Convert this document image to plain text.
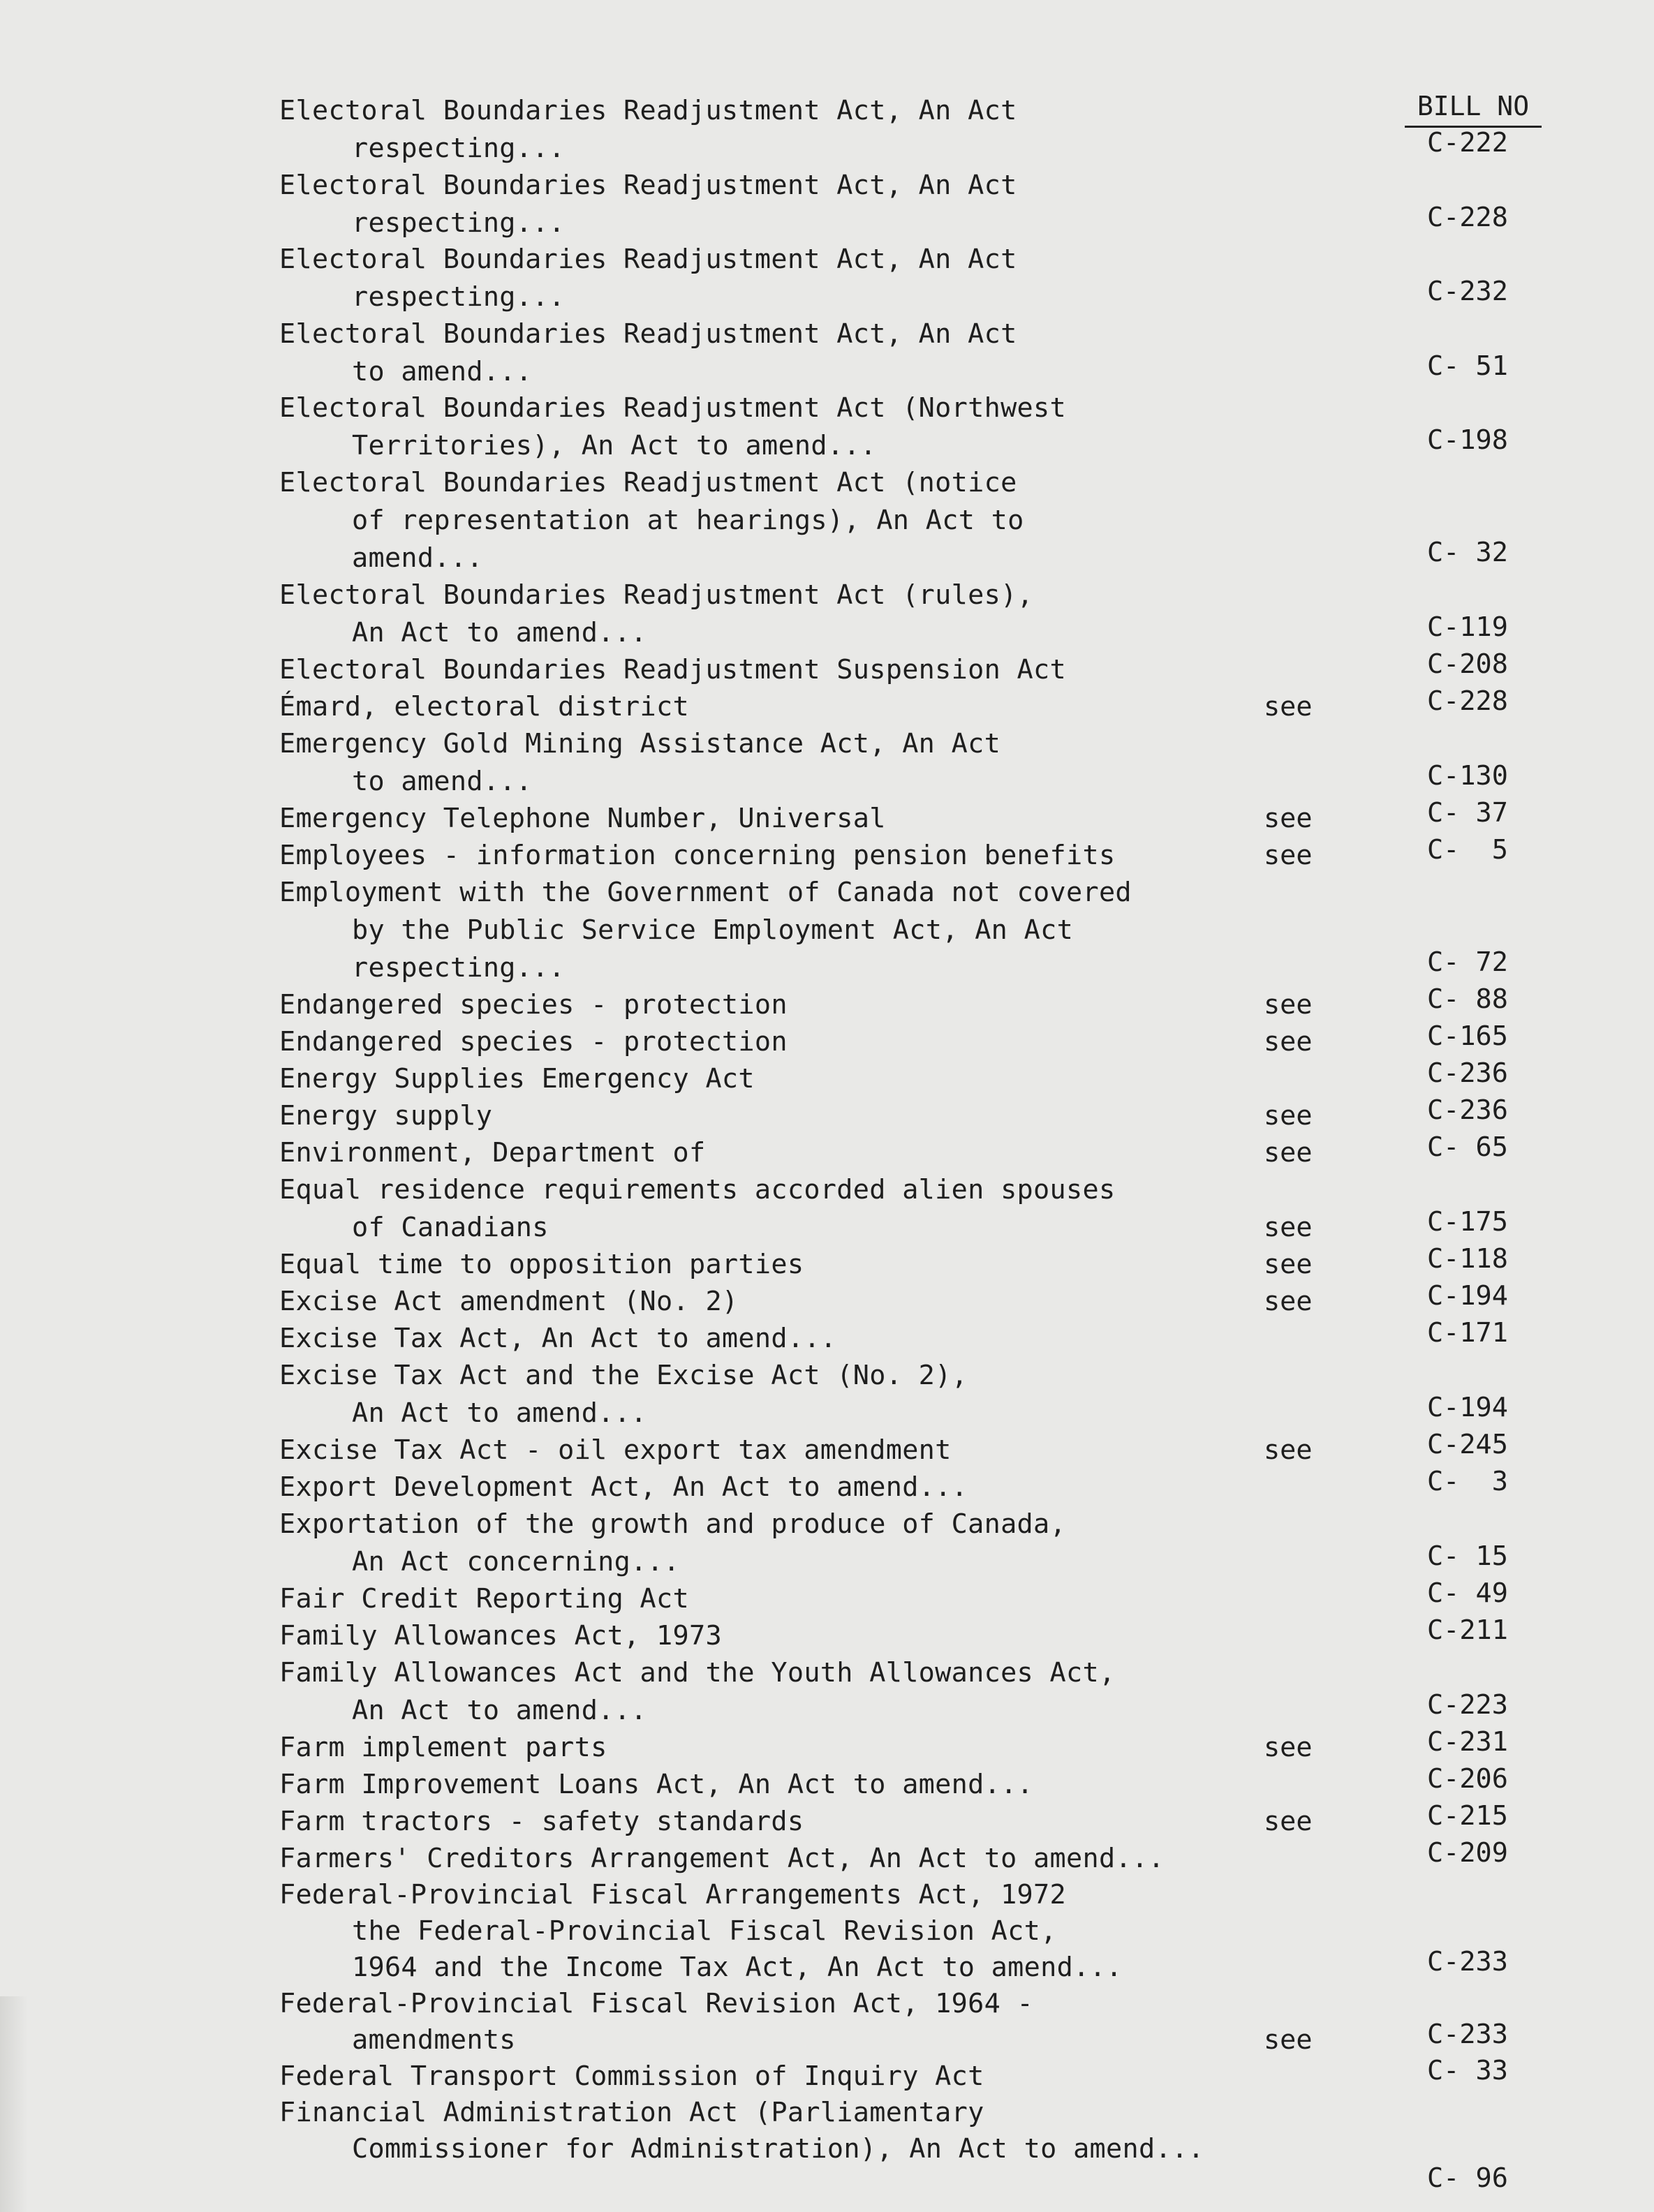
BILL NO
Electoral Boundaries Readjustment Act, An Act
respecting...
Electoral Boundaries Readjustment Act, An Act
respecting...
Electoral Boundaries Readjustment Act, An Act
respecting...
Electoral Boundaries Readjustment Act, An Act
to amend...
Electoral Boundaries Readjustment Act (Northwest
Territories), An Act to amend...
Electoral Boundaries Readjustment Act (notice
of representation at hearings), An Act to
amend...
Electoral Boundaries Readjustment Act (rules),
An Act to amend...
Electoral Boundaries Readjustment Suspension Act
Émard, electoral district
Emergency Gold Mining Assistance Act, An Act
to amend...
Emergency Telephone Number, Universal
Employees - information concerning pension benefits
Employment with the Government of Canada not covered
by the Public Service Employment Act, An Act
respecting...
Endangered species - protection
Endangered species - protection
Energy Supplies Emergency Act
Energy supply
Environment, Department of
Equal residence requirements accorded alien spouses
of Canadians
Equal time to opposition parties
Excise Act amendment (No. 2)
Excise Tax Act, An Act to amend...
Excise Tax Act and the Excise Act (No. 2),
An Act to amend...
Excise Tax Act - oil export tax amendment
Export Development Act, An Act to amend...
Exportation of the growth and produce of Canada,
An Act concerning...
Fair Credit Reporting Act
Family Allowances Act, 1973
Family Allowances Act and the Youth Allowances Act,
An Act to amend...
Farm implement parts
Farm Improvement Loans Act, An Act to amend...
Farm tractors - safety standards
Farmers' Creditors Arrangement Act, An Act to amend...
Federal-Provincial Fiscal Arrangements Act, 1972
the Federal-Provincial Fiscal Revision Act,
1964 and the Income Tax Act, An Act to amend...
Federal-Provincial Fiscal Revision Act, 1964 -
amendments
Federal Transport Commission of Inquiry Act
Financial Administration Act (Parliamentary
Commissioner for Administration), An Act to amend...
see
see
see
see
see
see
see
see
see
see
see
see
see
see
C-222
C-228
C-232
C- 51
C-198
C- 32
C-119
C-208
C-228
C-130
C- 37
C-  5
C- 72
C- 88
C-165
C-236
C-236
C- 65
C-175
C-118
C-194
C-171
C-194
C-245
C-  3
C- 15
C- 49
C-211
C-223
C-231
C-206
C-215
C-209
C-233
C-233
C- 33
C- 96
